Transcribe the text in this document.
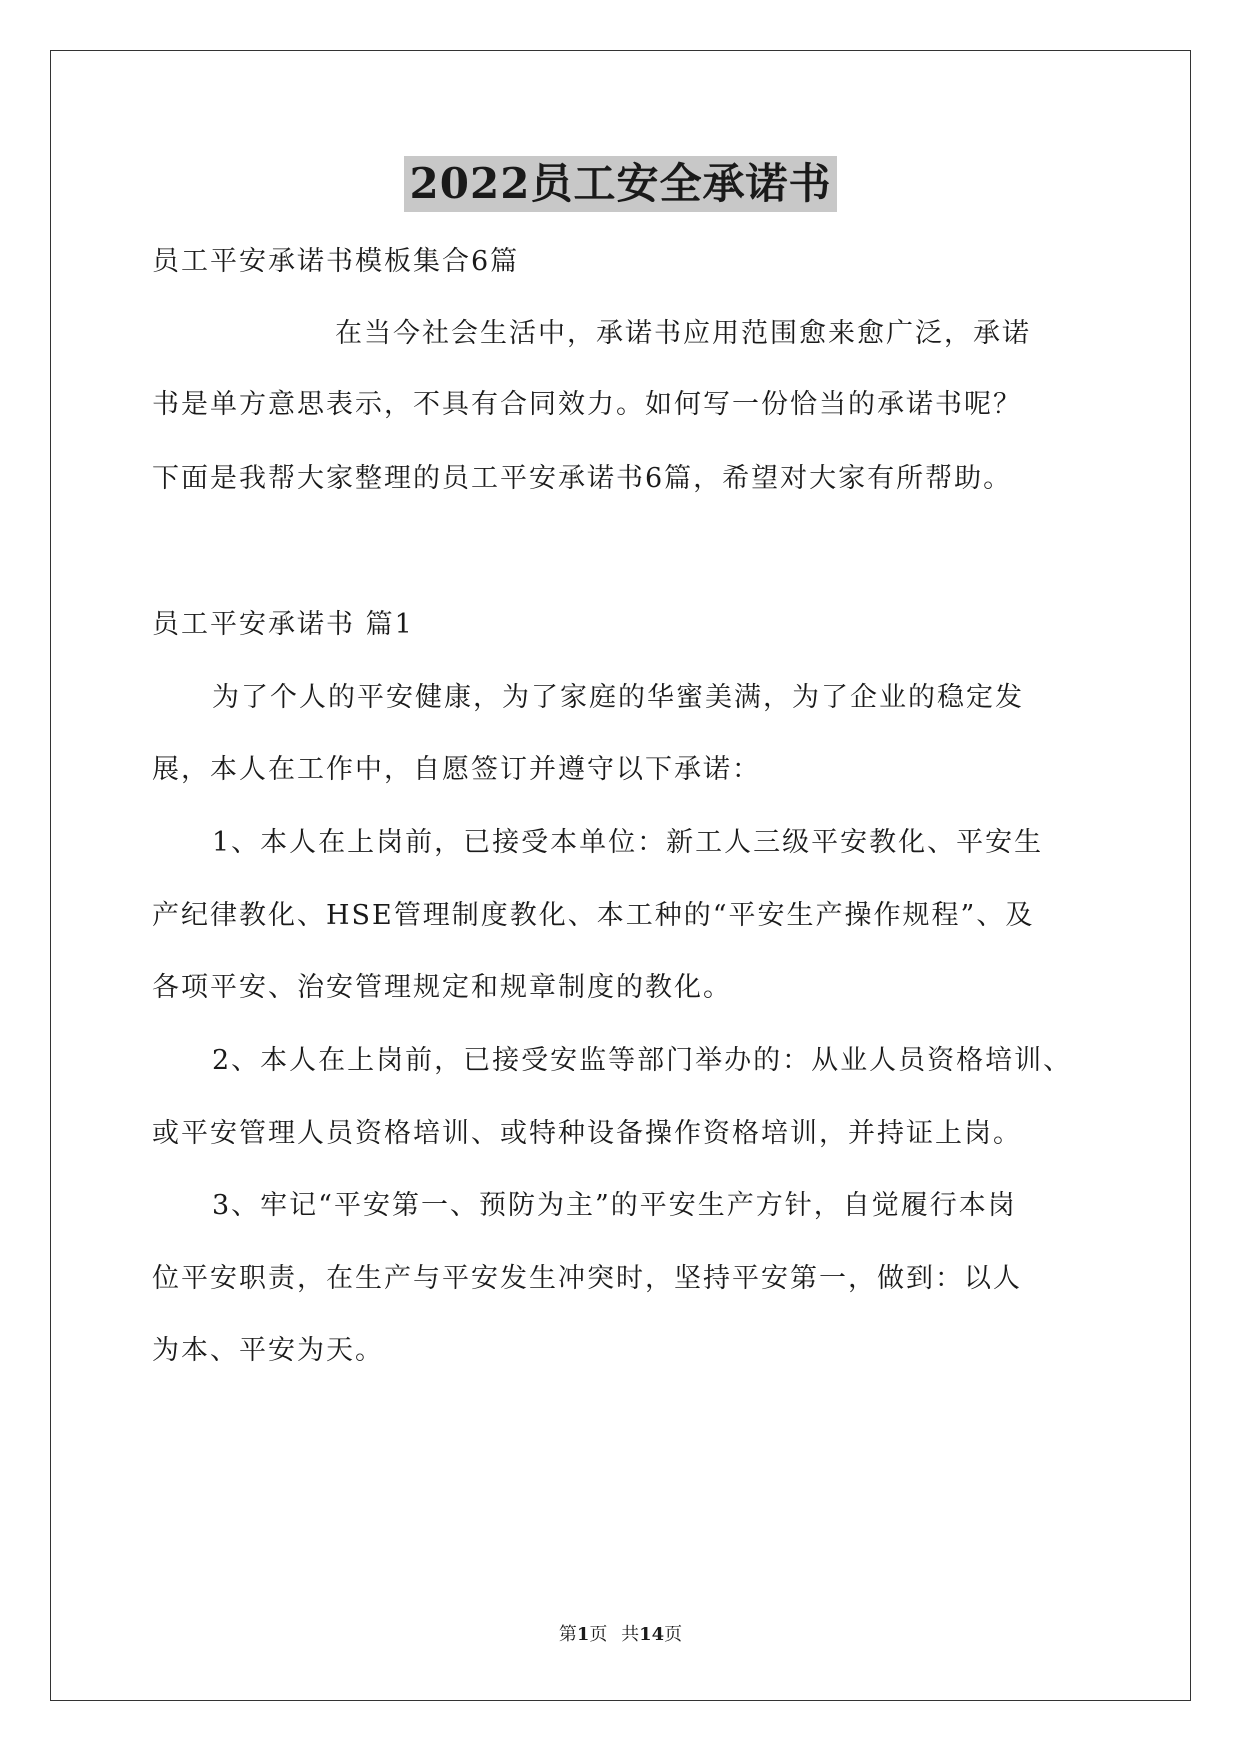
2022员工安全承诺书
员工平安承诺书模板集合6篇
在当今社会生活中，承诺书应用范围愈来愈广泛，承诺
书是单方意思表示，不具有合同效力。如何写一份恰当的承诺书呢？
下面是我帮大家整理的员工平安承诺书6篇，希望对大家有所帮助。
员工平安承诺书 篇1
为了个人的平安健康，为了家庭的华蜜美满，为了企业的稳定发
展，本人在工作中，自愿签订并遵守以下承诺：
1、本人在上岗前，已接受本单位：新工人三级平安教化、平安生
产纪律教化、HSE管理制度教化、本工种的“平安生产操作规程”、及
各项平安、治安管理规定和规章制度的教化。
2、本人在上岗前，已接受安监等部门举办的：从业人员资格培训、
或平安管理人员资格培训、或特种设备操作资格培训，并持证上岗。
3、牢记“平安第一、预防为主”的平安生产方针，自觉履行本岗
位平安职责，在生产与平安发生冲突时，坚持平安第一，做到：以人
为本、平安为天。
第1页 共14页
